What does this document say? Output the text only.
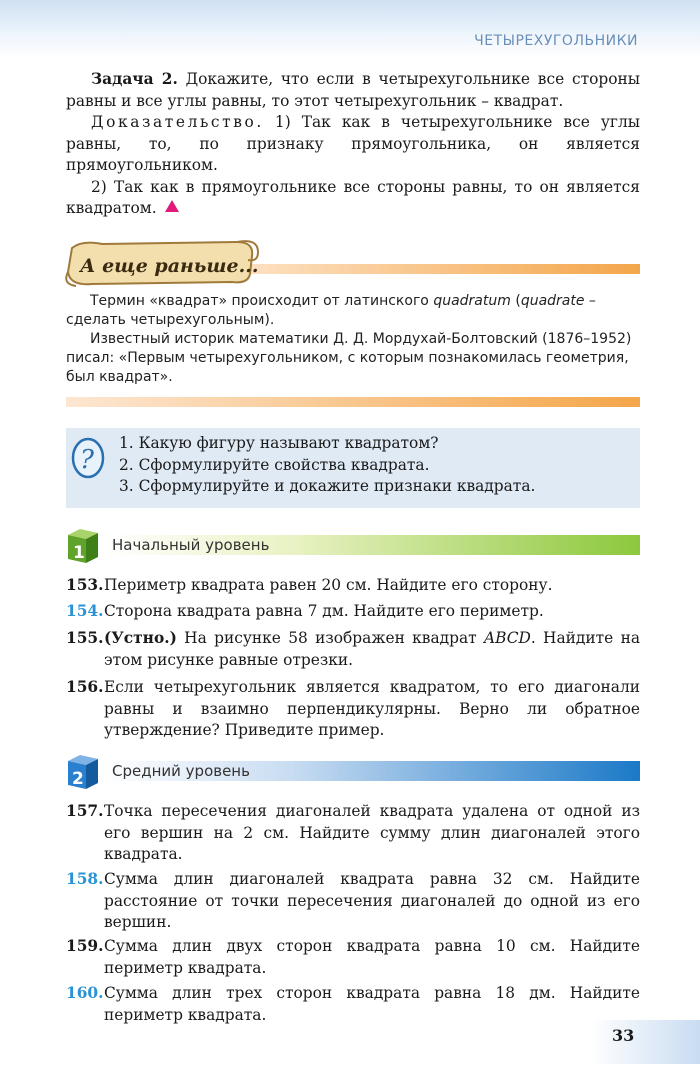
ЧЕТЫРЕХУГОЛЬНИКИ

Задача 2. Докажите, что если в четырехугольнике все стороны равны и все углы равны, то этот четырехугольник – квадрат.

Доказательство. 1) Так как в четырехугольнике все углы равны, то, по признаку прямоугольника, он является прямоугольником.

2) Так как в прямоугольнике все стороны равны, то он является квадратом.

А еще раньше...

Термин «квадрат» происходит от латинского quadratum (quadrate – сделать четырехугольным).

Известный историк математики Д. Д. Мордухай-Болтовский (1876–1952) писал: «Первым четырехугольником, с которым познакомилась геометрия, был квадрат».

?
1. Какую фигуру называют квадратом?
2. Сформулируйте свойства квадрата.
3. Сформулируйте и докажите признаки квадрата.
1 Начальный уровень
153. Периметр квадрата равен 20 см. Найдите его сторону.
154. Сторона квадрата равна 7 дм. Найдите его периметр.
155. (Устно.) На рисунке 58 изображен квадрат ABCD. Найдите на этом рисунке равные отрезки.
156. Если четырехугольник является квадратом, то его диагонали равны и взаимно перпендикулярны. Верно ли обратное утверждение? Приведите пример.
2 Средний уровень
157. Точка пересечения диагоналей квадрата удалена от одной из его вершин на 2 см. Найдите сумму длин диагоналей этого квадрата.
158. Сумма длин диагоналей квадрата равна 32 см. Найдите расстояние от точки пересечения диагоналей до одной из его вершин.
159. Сумма длин двух сторон квадрата равна 10 см. Найдите периметр квадрата.
160. Сумма длин трех сторон квадрата равна 18 дм. Найдите периметр квадрата.
33
